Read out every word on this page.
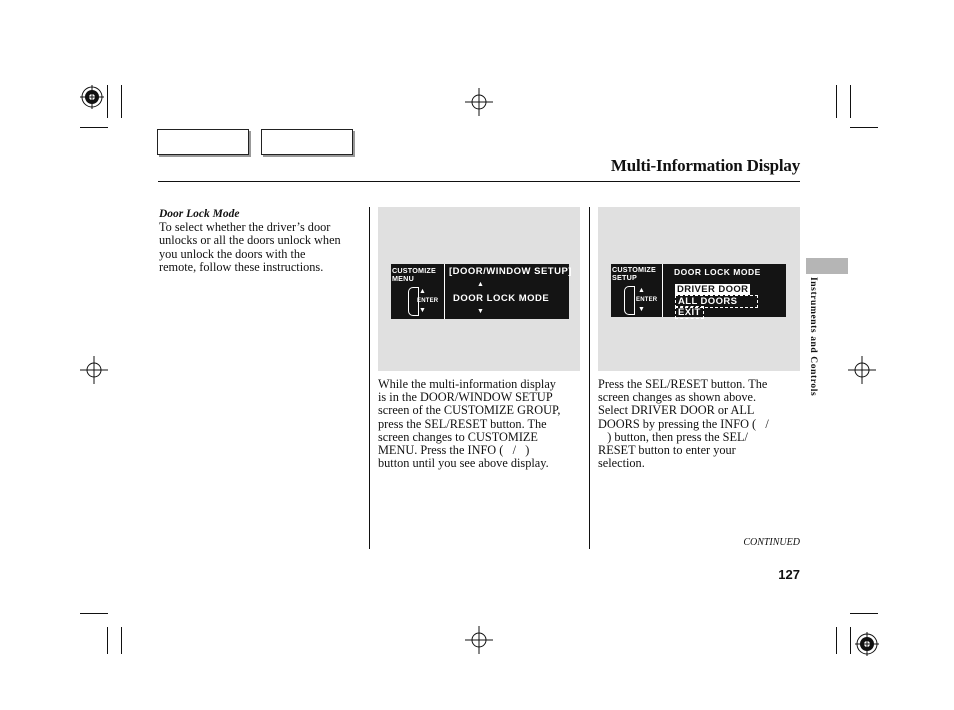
Multi-Information Display
Door Lock Mode
To select whether the driver’s door
unlocks or all the doors unlock when
you unlock the doors with the
remote, follow these instructions.	CUSTOMIZE
MENU
▲
ENTER
▼
[DOOR/WINDOW SETUP]
▲
DOOR LOCK MODE
▼
CUSTOMIZE
SETUP
▲
ENTER
▼
DOOR LOCK MODE
DRIVER DOOR
ALL DOORS
EXIT
While the multi-information display
is in the DOOR/WINDOW SETUP
screen of the CUSTOMIZE GROUP,
press the SEL/RESET button. The
screen changes to CUSTOMIZE
MENU. Press the INFO (   /   )
button until you see above display.
Press the SEL/RESET button. The
screen changes as shown above.
Select DRIVER DOOR or ALL
DOORS by pressing the INFO (   /
) button, then press the SEL/
RESET button to enter your
selection.
Instruments and Controls
CONTINUED
127
